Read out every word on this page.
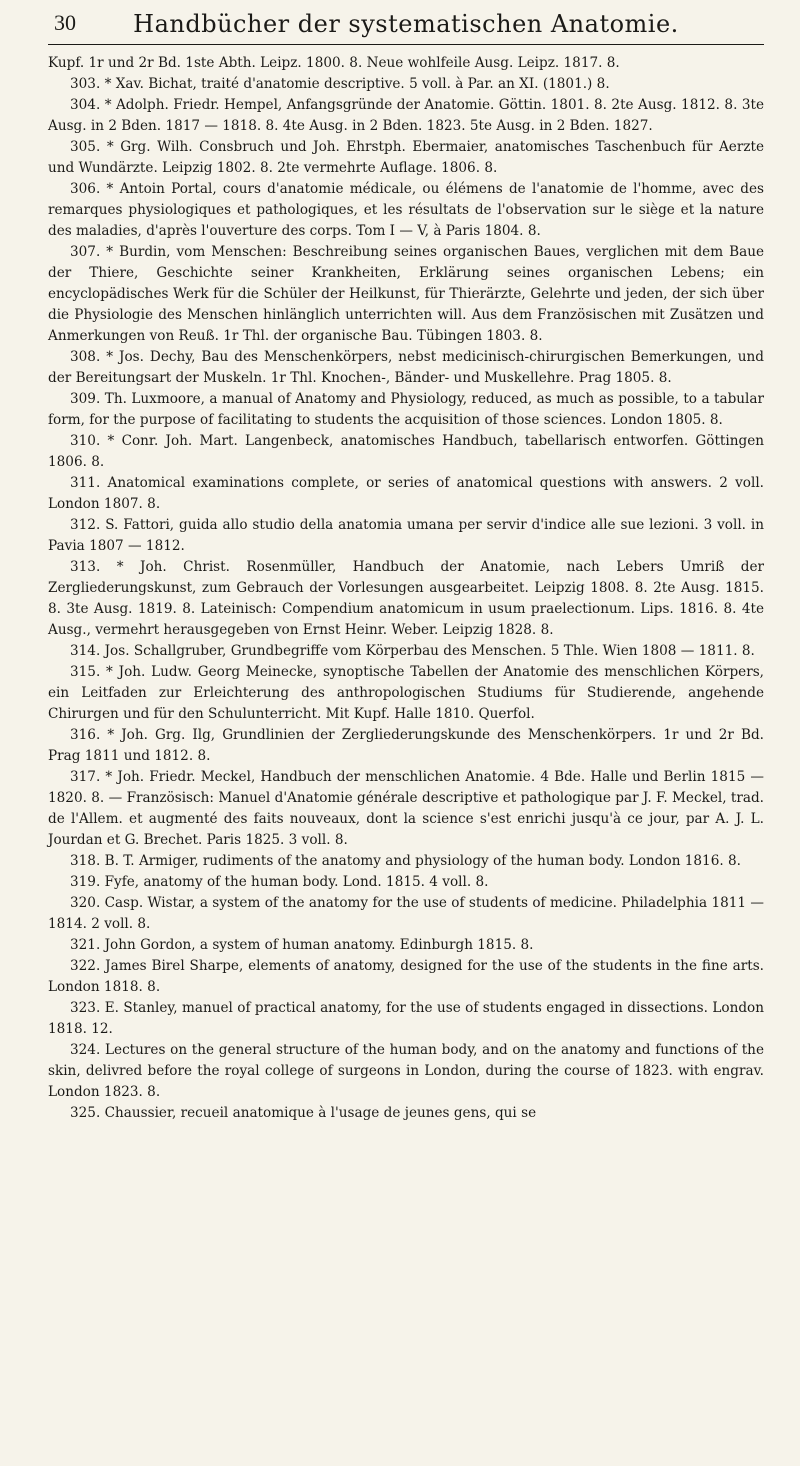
30	Handbücher der systematischen Anatomie.

Kupf. 1r und 2r Bd. 1ste Abth. Leipz. 1800. 8. Neue wohlfeile Ausg. Leipz. 1817. 8.

303. * Xav. Bichat, traité d'anatomie descriptive. 5 voll. à Par. an XI. (1801.) 8.

304. * Adolph. Friedr. Hempel, Anfangsgründe der Anatomie. Göttin. 1801. 8. 2te Ausg. 1812. 8. 3te Ausg. in 2 Bden. 1817 — 1818. 8. 4te Ausg. in 2 Bden. 1823. 5te Ausg. in 2 Bden. 1827.

305. * Grg. Wilh. Consbruch und Joh. Ehrstph. Ebermaier, anatomisches Taschenbuch für Aerzte und Wundärzte. Leipzig 1802. 8. 2te vermehrte Auflage. 1806. 8.

306. * Antoin Portal, cours d'anatomie médicale, ou élémens de l'anatomie de l'homme, avec des remarques physiologiques et pathologiques, et les résultats de l'observation sur le siège et la nature des maladies, d'après l'ouverture des corps. Tom I — V, à Paris 1804. 8.

307. * Burdin, vom Menschen: Beschreibung seines organischen Baues, verglichen mit dem Baue der Thiere, Geschichte seiner Krankheiten, Erklärung seines organischen Lebens; ein encyclopädisches Werk für die Schüler der Heilkunst, für Thierärzte, Gelehrte und jeden, der sich über die Physiologie des Menschen hinlänglich unterrichten will. Aus dem Französischen mit Zusätzen und Anmerkungen von Reuß. 1r Thl. der organische Bau. Tübingen 1803. 8.

308. * Jos. Dechy, Bau des Menschenkörpers, nebst medicinisch-chirurgischen Bemerkungen, und der Bereitungsart der Muskeln. 1r Thl. Knochen-, Bänder- und Muskellehre. Prag 1805. 8.

309. Th. Luxmoore, a manual of Anatomy and Physiology, reduced, as much as possible, to a tabular form, for the purpose of facilitating to students the acquisition of those sciences. London 1805. 8.

310. * Conr. Joh. Mart. Langenbeck, anatomisches Handbuch, tabellarisch entworfen. Göttingen 1806. 8.

311. Anatomical examinations complete, or series of anatomical questions with answers. 2 voll. London 1807. 8.

312. S. Fattori, guida allo studio della anatomia umana per servir d'indice alle sue lezioni. 3 voll. in Pavia 1807 — 1812.

313. * Joh. Christ. Rosenmüller, Handbuch der Anatomie, nach Lebers Umriß der Zergliederungskunst, zum Gebrauch der Vorlesungen ausgearbeitet. Leipzig 1808. 8. 2te Ausg. 1815. 8. 3te Ausg. 1819. 8. Lateinisch: Compendium anatomicum in usum praelectionum. Lips. 1816. 8. 4te Ausg., vermehrt herausgegeben von Ernst Heinr. Weber. Leipzig 1828. 8.

314. Jos. Schallgruber, Grundbegriffe vom Körperbau des Menschen. 5 Thle. Wien 1808 — 1811. 8.

315. * Joh. Ludw. Georg Meinecke, synoptische Tabellen der Anatomie des menschlichen Körpers, ein Leitfaden zur Erleichterung des anthropologischen Studiums für Studierende, angehende Chirurgen und für den Schulunterricht. Mit Kupf. Halle 1810. Querfol.

316. * Joh. Grg. Ilg, Grundlinien der Zergliederungskunde des Menschenkörpers. 1r und 2r Bd. Prag 1811 und 1812. 8.

317. * Joh. Friedr. Meckel, Handbuch der menschlichen Anatomie. 4 Bde. Halle und Berlin 1815 — 1820. 8. — Französisch: Manuel d'Anatomie générale descriptive et pathologique par J. F. Meckel, trad. de l'Allem. et augmenté des faits nouveaux, dont la science s'est enrichi jusqu'à ce jour, par A. J. L. Jourdan et G. Brechet. Paris 1825. 3 voll. 8.

318. B. T. Armiger, rudiments of the anatomy and physiology of the human body. London 1816. 8.

319. Fyfe, anatomy of the human body. Lond. 1815. 4 voll. 8.

320. Casp. Wistar, a system of the anatomy for the use of students of medicine. Philadelphia 1811 — 1814. 2 voll. 8.

321. John Gordon, a system of human anatomy. Edinburgh 1815. 8.

322. James Birel Sharpe, elements of anatomy, designed for the use of the students in the fine arts. London 1818. 8.

323. E. Stanley, manuel of practical anatomy, for the use of students engaged in dissections. London 1818. 12.

324. Lectures on the general structure of the human body, and on the anatomy and functions of the skin, delivred before the royal college of surgeons in London, during the course of 1823. with engrav. London 1823. 8.

325. Chaussier, recueil anatomique à l'usage de jeunes gens, qui se
